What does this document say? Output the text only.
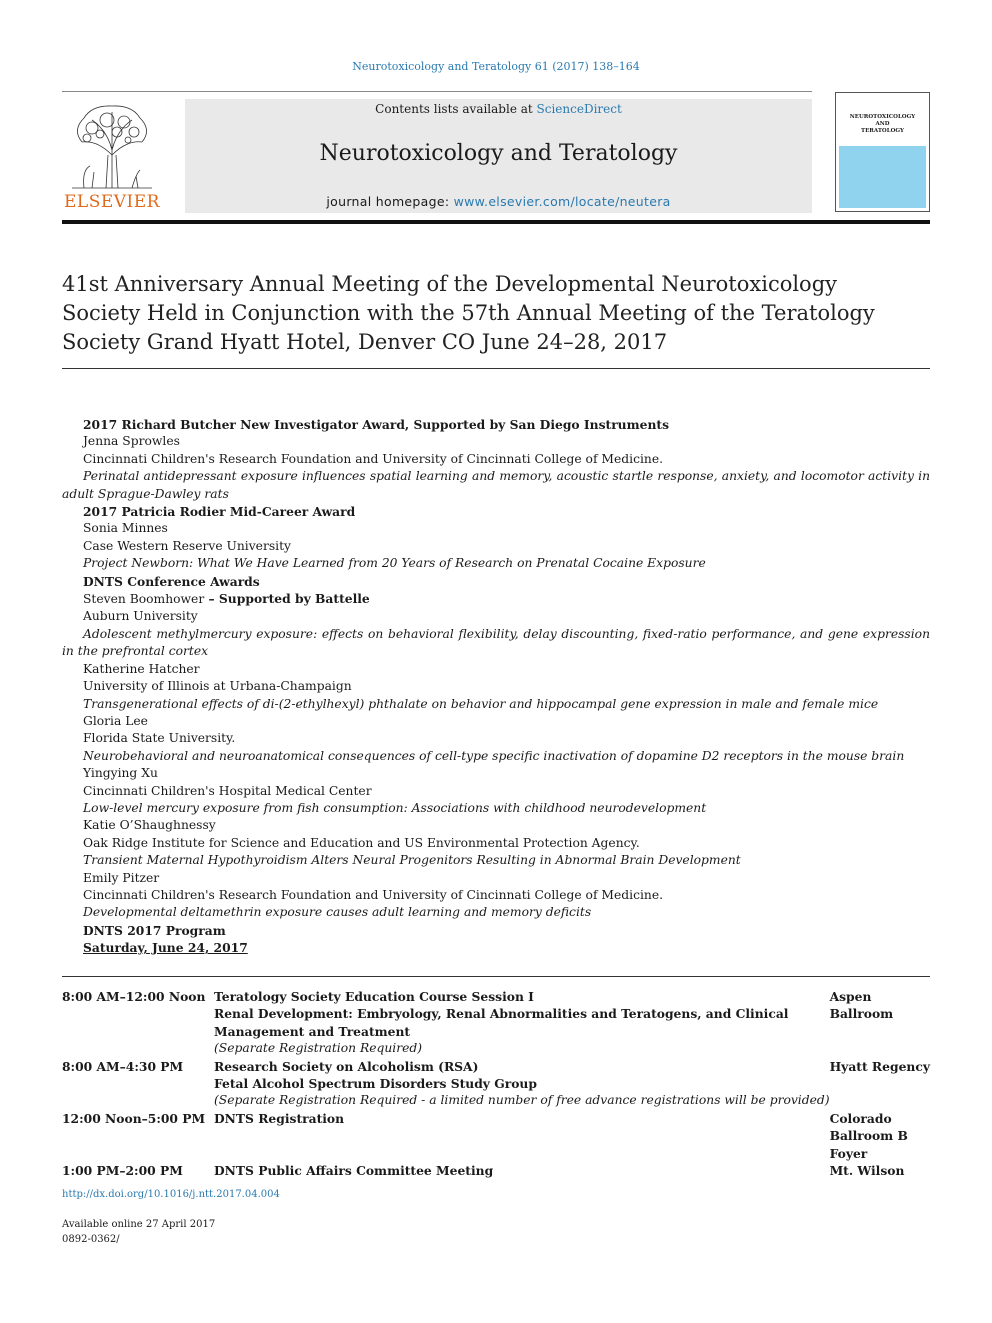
Neurotoxicology and Teratology 61 (2017) 138–164
ELSEVIER
Contents lists available at ScienceDirect
Neurotoxicology and Teratology
journal homepage: www.elsevier.com/locate/neutera
NEUROTOXICOLOGY
AND
TERATOLOGY
41st Anniversary Annual Meeting of the Developmental Neurotoxicology
Society Held in Conjunction with the 57th Annual Meeting of the Teratology
Society Grand Hyatt Hotel, Denver CO June 24–28, 2017
2017 Richard Butcher New Investigator Award, Supported by San Diego Instruments
Jenna Sprowles
Cincinnati Children's Research Foundation and University of Cincinnati College of Medicine.
Perinatal antidepressant exposure influences spatial learning and memory, acoustic startle response, anxiety, and locomotor activity in adult Sprague-Dawley rats
2017 Patricia Rodier Mid-Career Award
Sonia Minnes
Case Western Reserve University
Project Newborn: What We Have Learned from 20 Years of Research on Prenatal Cocaine Exposure
DNTS Conference Awards
Steven Boomhower – Supported by Battelle
Auburn University
Adolescent methylmercury exposure: effects on behavioral flexibility, delay discounting, fixed-ratio performance, and gene expression in the prefrontal cortex
Katherine Hatcher
University of Illinois at Urbana-Champaign
Transgenerational effects of di-(2-ethylhexyl) phthalate on behavior and hippocampal gene expression in male and female mice
Gloria Lee
Florida State University.
Neurobehavioral and neuroanatomical consequences of cell-type specific inactivation of dopamine D2 receptors in the mouse brain
Yingying Xu
Cincinnati Children's Hospital Medical Center
Low-level mercury exposure from fish consumption: Associations with childhood neurodevelopment
Katie O’Shaughnessy
Oak Ridge Institute for Science and Education and US Environmental Protection Agency.
Transient Maternal Hypothyroidism Alters Neural Progenitors Resulting in Abnormal Brain Development
Emily Pitzer
Cincinnati Children's Research Foundation and University of Cincinnati College of Medicine.
Developmental deltamethrin exposure causes adult learning and memory deficits
DNTS 2017 Program
Saturday, June 24, 2017
8:00 AM–12:00 Noon	Teratology Society Education Course Session I
Renal Development: Embryology, Renal Abnormalities and Teratogens, and Clinical Management and Treatment
(Separate Registration Required)	Aspen Ballroom
8:00 AM–4:30 PM	Research Society on Alcoholism (RSA)
Fetal Alcohol Spectrum Disorders Study Group
(Separate Registration Required - a limited number of free advance registrations will be provided)	Hyatt Regency
12:00 Noon–5:00 PM	DNTS Registration	Colorado Ballroom B Foyer
1:00 PM–2:00 PM	DNTS Public Affairs Committee Meeting	Mt. Wilson
http://dx.doi.org/10.1016/j.ntt.2017.04.004
Available online 27 April 2017
0892-0362/
